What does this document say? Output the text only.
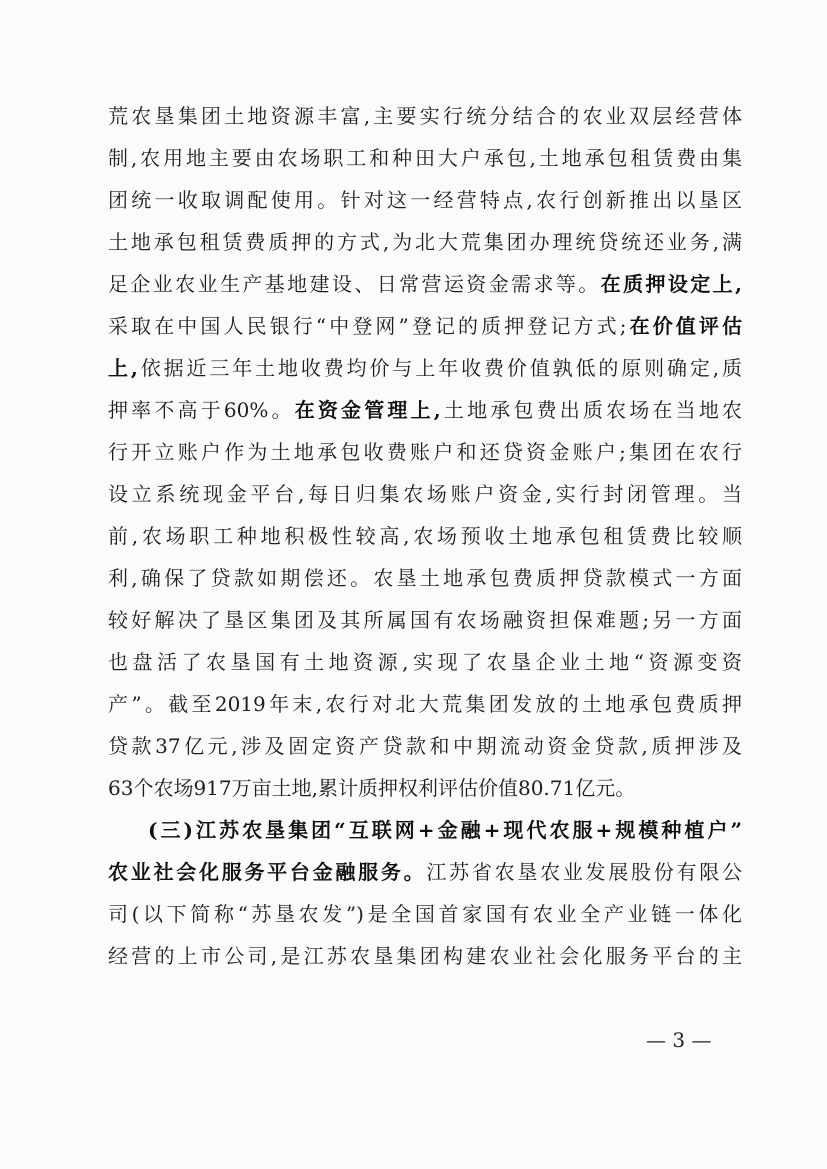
荒农垦集团土地资源丰富,主要实行统分结合的农业双层经营体
制,农用地主要由农场职工和种田大户承包,土地承包租赁费由集
团统一收取调配使用。针对这一经营特点,农行创新推出以垦区
土地承包租赁费质押的方式,为北大荒集团办理统贷统还业务,满
足企业农业生产基地建设、日常营运资金需求等。在质押设定上,
采取在中国人民银行“中登网”登记的质押登记方式;在价值评估
上,依据近三年土地收费均价与上年收费价值孰低的原则确定,质
押率不高于60%。在资金管理上,土地承包费出质农场在当地农
行开立账户作为土地承包收费账户和还贷资金账户;集团在农行
设立系统现金平台,每日归集农场账户资金,实行封闭管理。当
前,农场职工种地积极性较高,农场预收土地承包租赁费比较顺
利,确保了贷款如期偿还。农垦土地承包费质押贷款模式一方面
较好解决了垦区集团及其所属国有农场融资担保难题;另一方面
也盘活了农垦国有土地资源,实现了农垦企业土地“资源变资
产”。截至2019年末,农行对北大荒集团发放的土地承包费质押
贷款37亿元,涉及固定资产贷款和中期流动资金贷款,质押涉及
63个农场917万亩土地,累计质押权利评估价值80.71亿元。
(三)江苏农垦集团“互联网+金融+现代农服+规模种植户”
农业社会化服务平台金融服务。江苏省农垦农业发展股份有限公
司(以下简称“苏垦农发”)是全国首家国有农业全产业链一体化
经营的上市公司,是江苏农垦集团构建农业社会化服务平台的主
— 3 —
